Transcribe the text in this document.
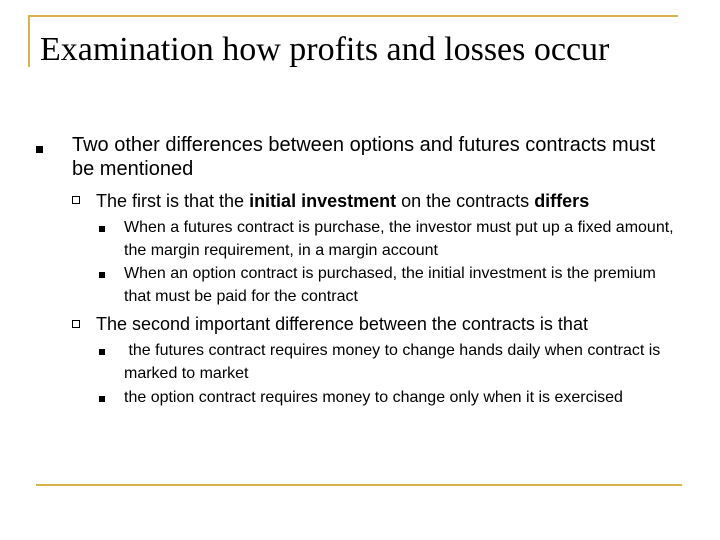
Examination how profits and losses occur
Two other differences between options and futures contracts must be mentioned
The first is that the initial investment on the contracts differs
When a futures contract is purchase, the investor must put up a fixed amount, the margin requirement, in a margin account
When an option contract is purchased, the initial investment is the premium that must be paid for the contract
The second important difference between the contracts is that
the futures contract requires money to change hands daily when contract is marked to market
the option contract requires money to change only when it is exercised
